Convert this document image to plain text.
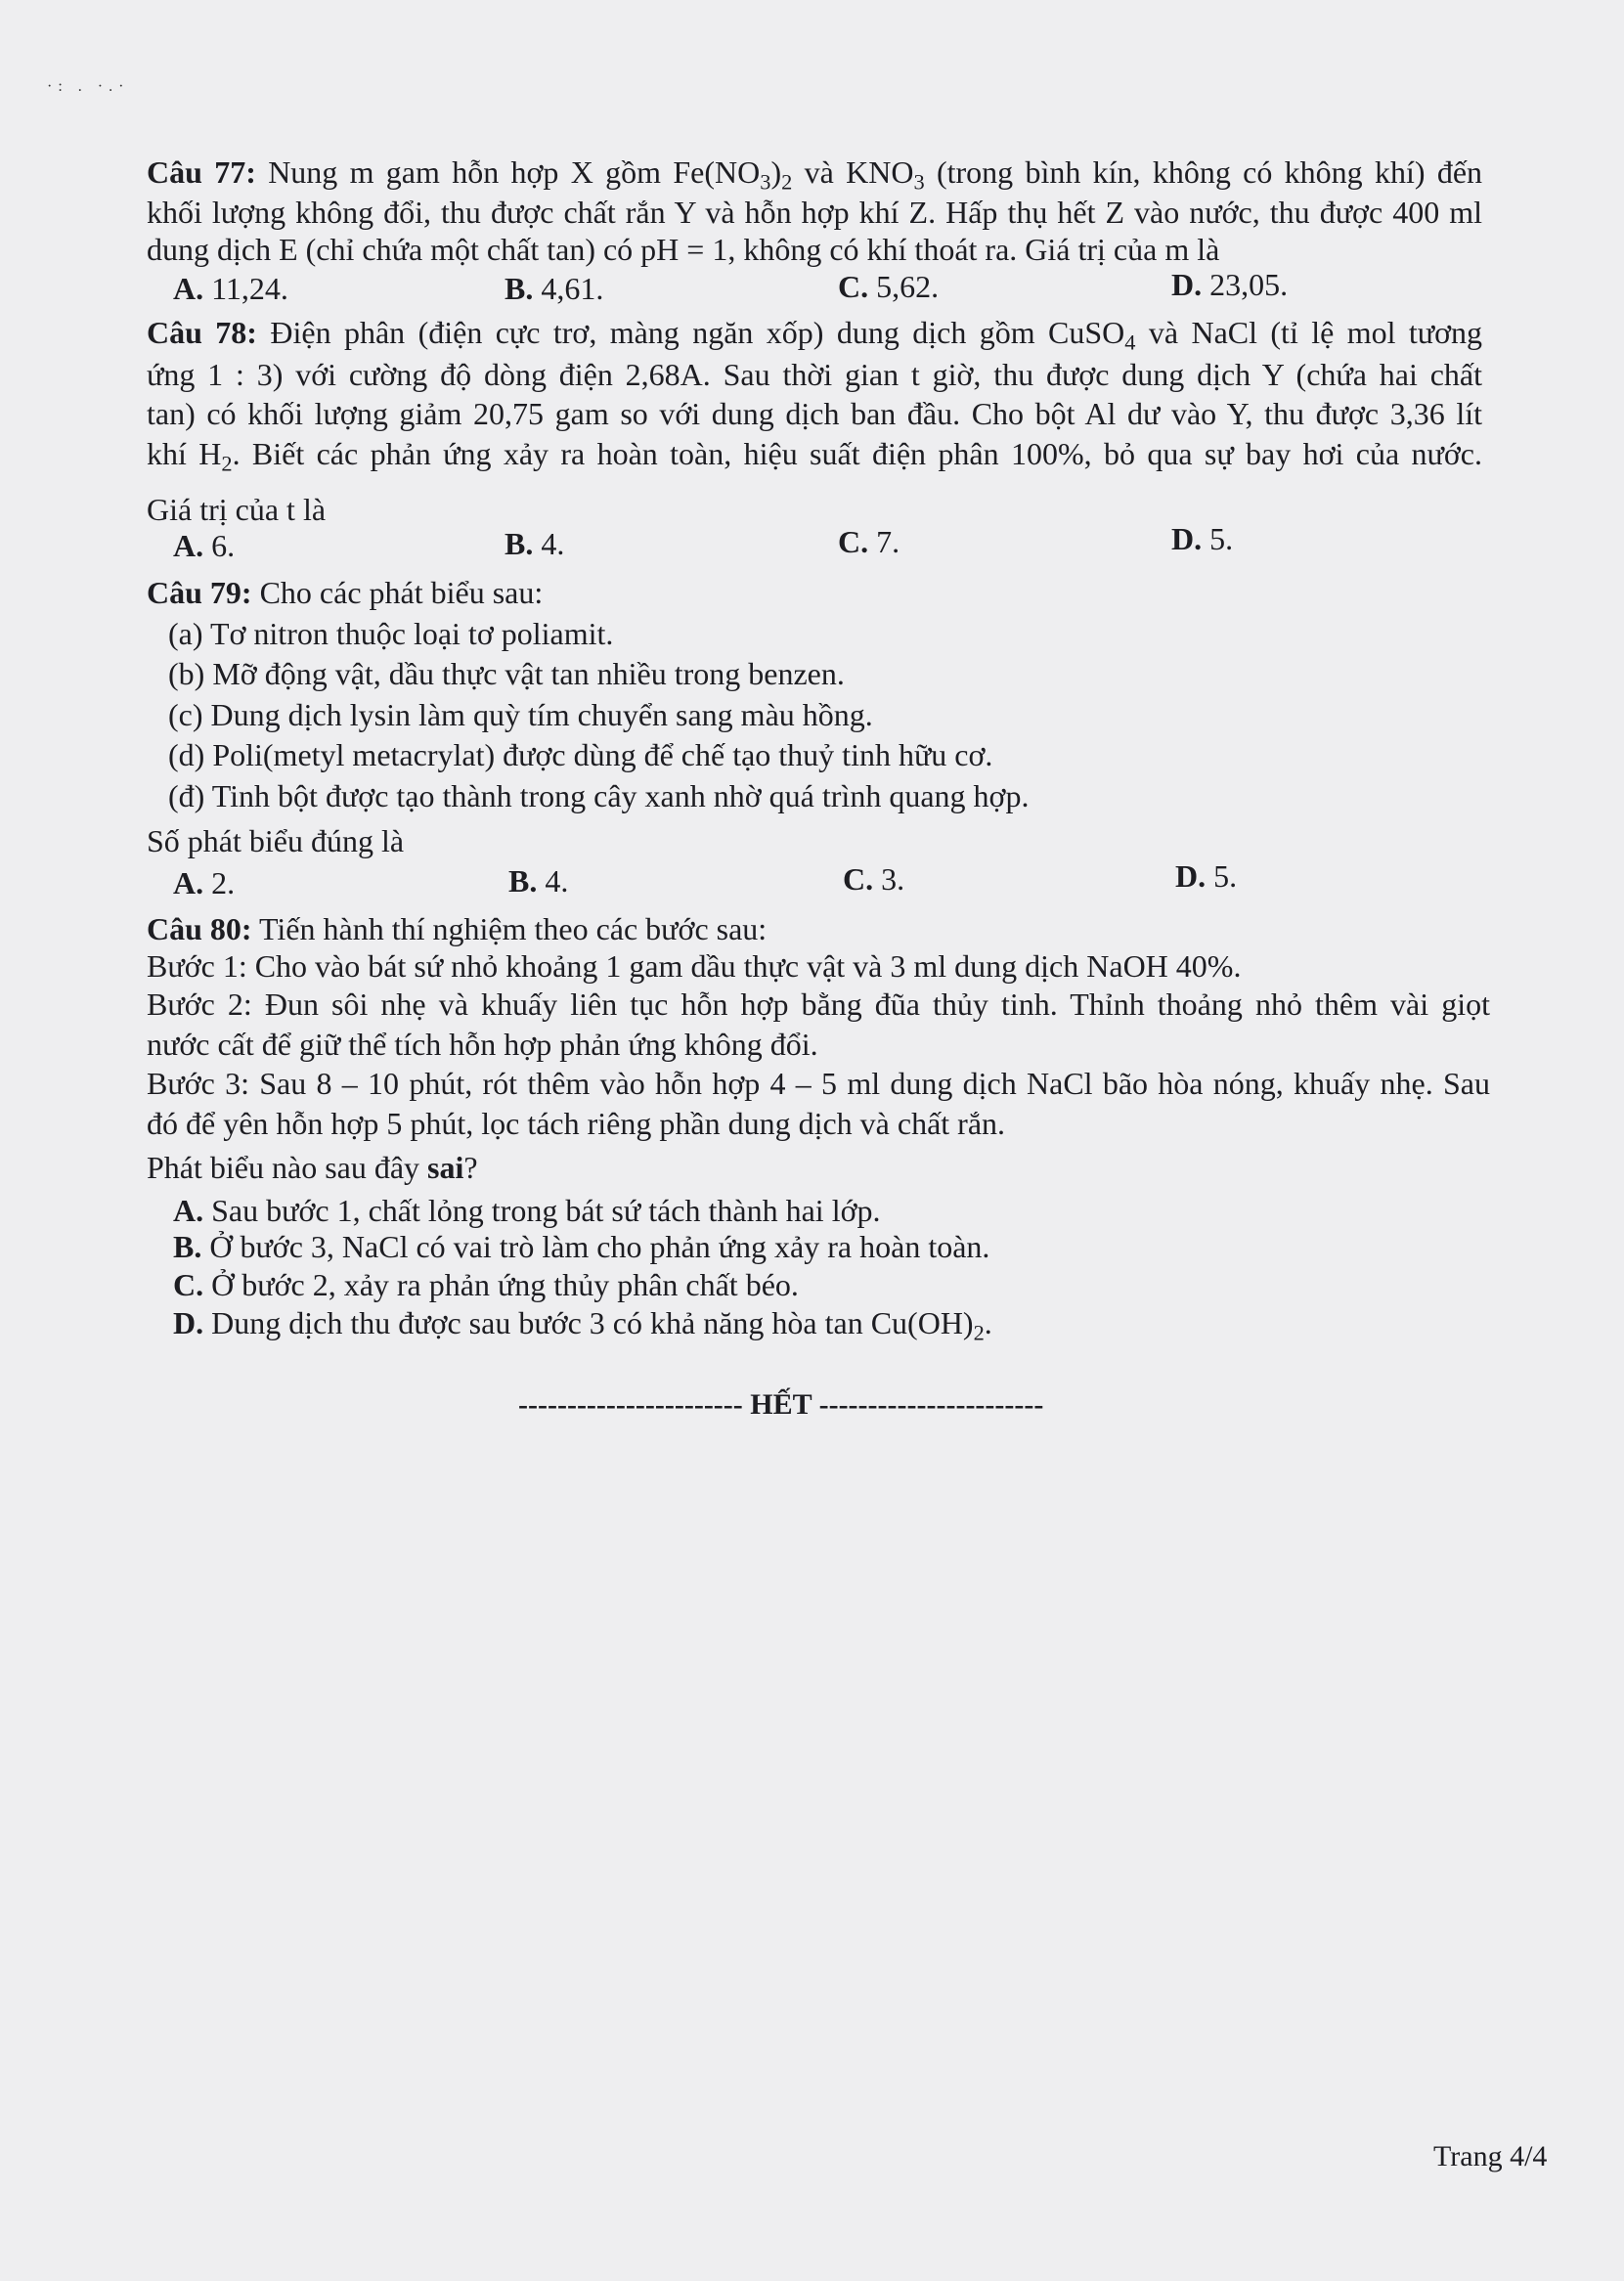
·: . ·.·
Câu 77: Nung m gam hỗn hợp X gồm $Fe(NO_3)_2$ và $KNO_3$ (trong bình kín, không có không khí) đến
khối lượng không đổi, thu được chất rắn Y và hỗn hợp khí Z. Hấp thụ hết Z vào nước, thu được 400 ml
dung dịch E (chỉ chứa một chất tan) có pH = 1, không có khí thoát ra. Giá trị của m là
A. 11,24.	B. 4,61.	C. 5,62.	D. 23,05.
Câu 78: Điện phân (điện cực trơ, màng ngăn xốp) dung dịch gồm CuSO$_4$ và NaCl (tỉ lệ mol tương
ứng 1 : 3) với cường độ dòng điện 2,68A. Sau thời gian t giờ, thu được dung dịch Y (chứa hai chất
tan) có khối lượng giảm 20,75 gam so với dung dịch ban đầu. Cho bột Al dư vào Y, thu được 3,36 lít
khí $H_2$. Biết các phản ứng xảy ra hoàn toàn, hiệu suất điện phân 100%, bỏ qua sự bay hơi của nước.
Giá trị của t là
A. 6.	B. 4.	C. 7.	D. 5.
Câu 79: Cho các phát biểu sau:
(a) Tơ nitron thuộc loại tơ poliamit.
(b) Mỡ động vật, dầu thực vật tan nhiều trong benzen.
(c) Dung dịch lysin làm quỳ tím chuyển sang màu hồng.
(d) Poli(metyl metacrylat) được dùng để chế tạo thuỷ tinh hữu cơ.
(đ) Tinh bột được tạo thành trong cây xanh nhờ quá trình quang hợp.
Số phát biểu đúng là
A. 2.	B. 4.	C. 3.	D. 5.
Câu 80: Tiến hành thí nghiệm theo các bước sau:
Bước 1: Cho vào bát sứ nhỏ khoảng 1 gam dầu thực vật và 3 ml dung dịch NaOH 40%.
Bước 2: Đun sôi nhẹ và khuấy liên tục hỗn hợp bằng đũa thủy tinh. Thỉnh thoảng nhỏ thêm vài giọt
nước cất để giữ thể tích hỗn hợp phản ứng không đổi.
Bước 3: Sau 8 – 10 phút, rót thêm vào hỗn hợp 4 – 5 ml dung dịch NaCl bão hòa nóng, khuấy nhẹ. Sau
đó để yên hỗn hợp 5 phút, lọc tách riêng phần dung dịch và chất rắn.
Phát biểu nào sau đây sai?
A. Sau bước 1, chất lỏng trong bát sứ tách thành hai lớp.
B. Ở bước 3, NaCl có vai trò làm cho phản ứng xảy ra hoàn toàn.
C. Ở bước 2, xảy ra phản ứng thủy phân chất béo.
D. Dung dịch thu được sau bước 3 có khả năng hòa $\tan Cu(OH)_2$.
----------------------- HẾT -----------------------
Trang 4/4
